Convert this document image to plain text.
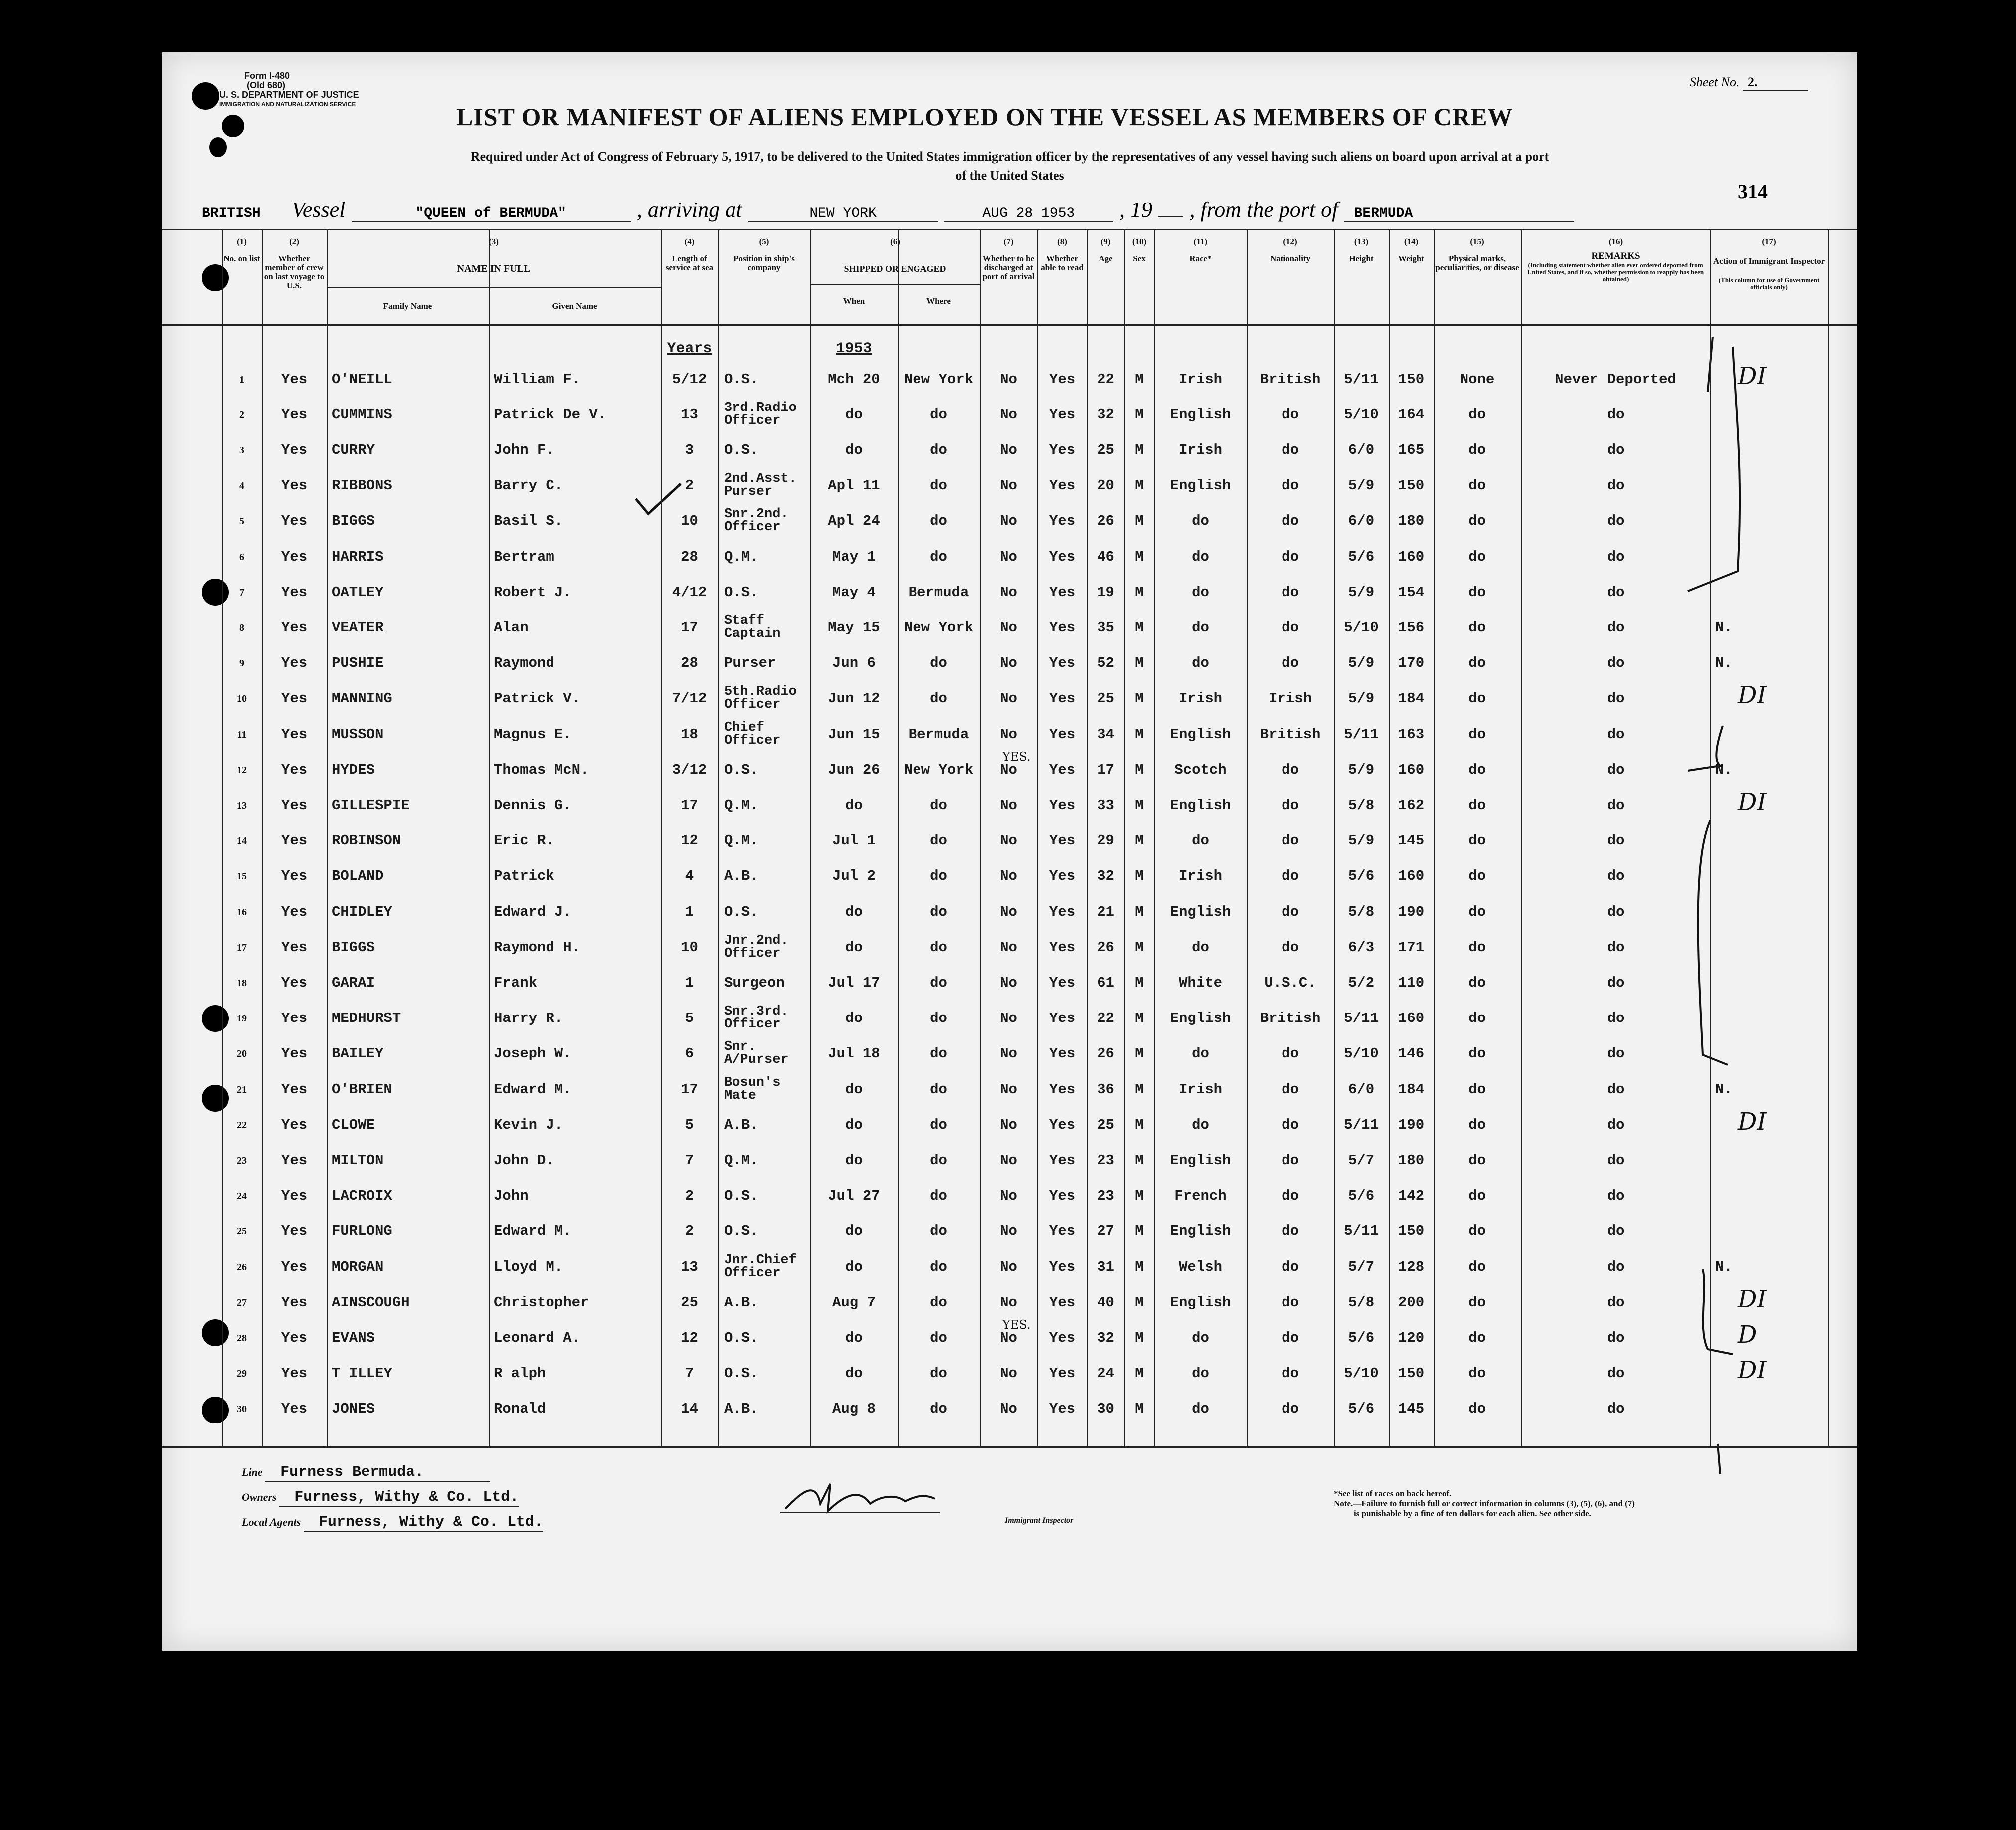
Form I-480
(Old 680)
U. S. DEPARTMENT OF JUSTICE
IMMIGRATION AND NATURALIZATION SERVICE
Sheet No. 2.
LIST OR MANIFEST OF ALIENS EMPLOYED ON THE VESSEL AS MEMBERS OF CREW
Required under Act of Congress of February 5, 1917, to be delivered to the United States immigration officer by the representatives of any vessel having such aliens on board upon arrival at a port
of the United States
314
BRITISH Vessel	"QUEEN of BERMUDA"	, arriving at	NEW YORK	AUG 28 1953 , 19 , from the port of BERMUDA
Line Furness Bermuda.
Owners Furness, Withy & Co. Ltd.
Local Agents Furness, Withy & Co. Ltd.	Immigrant Inspector
*See list of races on back hereof.
Note.—Failure to furnish full or correct information in columns (3), (5), (6), and (7)
is punishable by a fine of ten dollars for each alien. See other side.
No. on list	Whether member of crew on last voyage to U.S.
Length of service at sea
Position in ship's company
Whether to be discharged at port of arrival
Whether able to read
Age	Sex	Race*	Nationality	Height	Weight	Physical marks, peculiarities, or disease
NAME IN FULL
Family Name	Given Name
SHIPPED OR ENGAGED
When	Where
REMARKS
(Including statement whether alien ever ordered deported from United States, and if so, whether permission to reapply has been obtained)
Action of Immigrant Inspector
(This column for use of Government officials only)
(1)	(2)	(3)	(4)	(5)	(6)	(7)	(8)	(9)	(10)	(11)	(12)	(13)	(14)	(15)	(16)	(17)
Years	1953
1	Yes	O'NEILL	William F.	5/12	O.S.	Mch 20	New York	No	Yes	22	M	Irish	British	5/11	150	None	Never Deported	DI
2	Yes	CUMMINS	Patrick De V.	13	3rd.Radio
Officer	do	do	No	Yes	32	M	English	do	5/10	164	do	do
3	Yes	CURRY	John F.	3	O.S.	do	do	No	Yes	25	M	Irish	do	6/0	165	do	do
4	Yes	RIBBONS	Barry C.	2	2nd.Asst.
Purser	Apl 11	do	No	Yes	20	M	English	do	5/9	150	do	do
5	Yes	BIGGS	Basil S.	10	Snr.2nd.
Officer	Apl 24	do	No	Yes	26	M	do	do	6/0	180	do	do
6	Yes	HARRIS	Bertram	28	Q.M.	May 1	do	No	Yes	46	M	do	do	5/6	160	do	do
7	Yes	OATLEY	Robert J.	4/12	O.S.	May 4	Bermuda	No	Yes	19	M	do	do	5/9	154	do	do
8	Yes	VEATER	Alan	17	Staff
Captain	May 15	New York	No	Yes	35	M	do	do	5/10	156	do	do	N.
9	Yes	PUSHIE	Raymond	28	Purser	Jun 6	do	No	Yes	52	M	do	do	5/9	170	do	do	N.
10	Yes	MANNING	Patrick V.	7/12	5th.Radio
Officer	Jun 12	do	No	Yes	25	M	Irish	Irish	5/9	184	do	do	DI
11	Yes	MUSSON	Magnus E.	18	Chief
Officer	Jun 15	Bermuda	No	Yes	34	M	English	British	5/11	163	do	do
12	Yes	HYDES	Thomas McN.	3/12	O.S.	Jun 26	New York	No	Yes	17	M	Scotch	do	5/9	160	do	do	N.
YES.
13	Yes	GILLESPIE	Dennis G.	17	Q.M.	do	do	No	Yes	33	M	English	do	5/8	162	do	do	DI
14	Yes	ROBINSON	Eric R.	12	Q.M.	Jul 1	do	No	Yes	29	M	do	do	5/9	145	do	do
15	Yes	BOLAND	Patrick	4	A.B.	Jul 2	do	No	Yes	32	M	Irish	do	5/6	160	do	do
16	Yes	CHIDLEY	Edward J.	1	O.S.	do	do	No	Yes	21	M	English	do	5/8	190	do	do
17	Yes	BIGGS	Raymond H.	10	Jnr.2nd.
Officer	do	do	No	Yes	26	M	do	do	6/3	171	do	do
18	Yes	GARAI	Frank	1	Surgeon	Jul 17	do	No	Yes	61	M	White	U.S.C.	5/2	110	do	do
19	Yes	MEDHURST	Harry R.	5	Snr.3rd.
Officer	do	do	No	Yes	22	M	English	British	5/11	160	do	do
20	Yes	BAILEY	Joseph W.	6	Snr.
A/Purser	Jul 18	do	No	Yes	26	M	do	do	5/10	146	do	do
21	Yes	O'BRIEN	Edward M.	17	Bosun's
Mate	do	do	No	Yes	36	M	Irish	do	6/0	184	do	do	N.
22	Yes	CLOWE	Kevin J.	5	A.B.	do	do	No	Yes	25	M	do	do	5/11	190	do	do	DI
23	Yes	MILTON	John D.	7	Q.M.	do	do	No	Yes	23	M	English	do	5/7	180	do	do
24	Yes	LACROIX	John	2	O.S.	Jul 27	do	No	Yes	23	M	French	do	5/6	142	do	do
25	Yes	FURLONG	Edward M.	2	O.S.	do	do	No	Yes	27	M	English	do	5/11	150	do	do
26	Yes	MORGAN	Lloyd M.	13	Jnr.Chief
Officer	do	do	No	Yes	31	M	Welsh	do	5/7	128	do	do	N.
27	Yes	AINSCOUGH	Christopher	25	A.B.	Aug 7	do	No	Yes	40	M	English	do	5/8	200	do	do	DI
28	Yes	EVANS	Leonard A.	12	O.S.	do	do	No	Yes	32	M	do	do	5/6	120	do	do	D
YES.
29	Yes	T ILLEY	R alph	7	O.S.	do	do	No	Yes	24	M	do	do	5/10	150	do	do	DI
30	Yes	JONES	Ronald	14	A.B.	Aug 8	do	No	Yes	30	M	do	do	5/6	145	do	do
